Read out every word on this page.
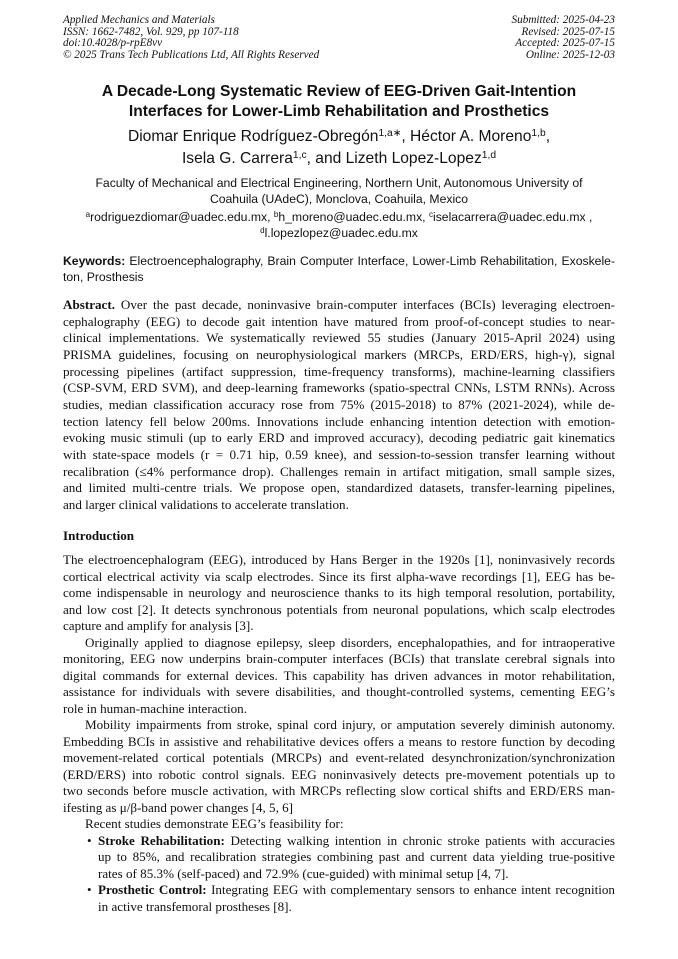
Applied Mechanics and Materials
ISSN: 1662-7482, Vol. 929, pp 107-118
doi:10.4028/p-rpE8vv
© 2025 Trans Tech Publications Ltd, All Rights Reserved
Submitted: 2025-04-23
Revised: 2025-07-15
Accepted: 2025-07-15
Online: 2025-12-03
A Decade-Long Systematic Review of EEG-Driven Gait-Intention
Interfaces for Lower-Limb Rehabilitation and Prosthetics
Diomar Enrique Rodríguez-Obregón$^{1,a∗}$, Héctor A. Moreno$^{1,b}$,
Isela G. Carrera$^{1,c}$, and Lizeth Lopez-Lopez$^{1,d}$
Faculty of Mechanical and Electrical Engineering, Northern Unit, Autonomous University of
Coahuila (UAdeC), Monclova, Coahuila, Mexico
$^a$rodriguezdiomar@uadec.edu.mx, $^b$h_moreno@uadec.edu.mx, $^c$iselacarrera@uadec.edu.mx ,
$^d$l.lopezlopez@uadec.edu.mx
Keywords: Electroencephalography, Brain Computer Interface, Lower-Limb Rehabilitation, Exoskele-
ton, Prosthesis
Abstract. Over the past decade, noninvasive brain-computer interfaces (BCIs) leveraging electroen-
cephalography (EEG) to decode gait intention have matured from proof-of-concept studies to near-
clinical implementations. We systematically reviewed 55 studies (January 2015-April 2024) using
PRISMA guidelines, focusing on neurophysiological markers (MRCPs, ERD/ERS, high-γ), signal
processing pipelines (artifact suppression, time-frequency transforms), machine-learning classifiers
(CSP-SVM, ERD SVM), and deep-learning frameworks (spatio-spectral CNNs, LSTM RNNs). Across
studies, median classification accuracy rose from 75% (2015-2018) to 87% (2021-2024), while de-
tection latency fell below 200ms. Innovations include enhancing intention detection with emotion-
evoking music stimuli (up to early ERD and improved accuracy), decoding pediatric gait kinematics
with state-space models (r = 0.71 hip, 0.59 knee), and session-to-session transfer learning without
recalibration (≤4% performance drop). Challenges remain in artifact mitigation, small sample sizes,
and limited multi-centre trials. We propose open, standardized datasets, transfer-learning pipelines,
and larger clinical validations to accelerate translation.
Introduction
The electroencephalogram (EEG), introduced by Hans Berger in the 1920s [1], noninvasively records
cortical electrical activity via scalp electrodes. Since its first alpha-wave recordings [1], EEG has be-
come indispensable in neurology and neuroscience thanks to its high temporal resolution, portability,
and low cost [2]. It detects synchronous potentials from neuronal populations, which scalp electrodes
capture and amplify for analysis [3].
Originally applied to diagnose epilepsy, sleep disorders, encephalopathies, and for intraoperative
monitoring, EEG now underpins brain-computer interfaces (BCIs) that translate cerebral signals into
digital commands for external devices. This capability has driven advances in motor rehabilitation,
assistance for individuals with severe disabilities, and thought-controlled systems, cementing EEG’s
role in human-machine interaction.
Mobility impairments from stroke, spinal cord injury, or amputation severely diminish autonomy.
Embedding BCIs in assistive and rehabilitative devices offers a means to restore function by decoding
movement-related cortical potentials (MRCPs) and event-related desynchronization/synchronization
(ERD/ERS) into robotic control signals. EEG noninvasively detects pre-movement potentials up to
two seconds before muscle activation, with MRCPs reflecting slow cortical shifts and ERD/ERS man-
ifesting as μ/β-band power changes [4, 5, 6]
Recent studies demonstrate EEG’s feasibility for:
• Stroke Rehabilitation: Detecting walking intention in chronic stroke patients with accuracies
up to 85%, and recalibration strategies combining past and current data yielding true-positive
rates of 85.3% (self-paced) and 72.9% (cue-guided) with minimal setup [4, 7].
• Prosthetic Control: Integrating EEG with complementary sensors to enhance intent recognition
in active transfemoral prostheses [8].
